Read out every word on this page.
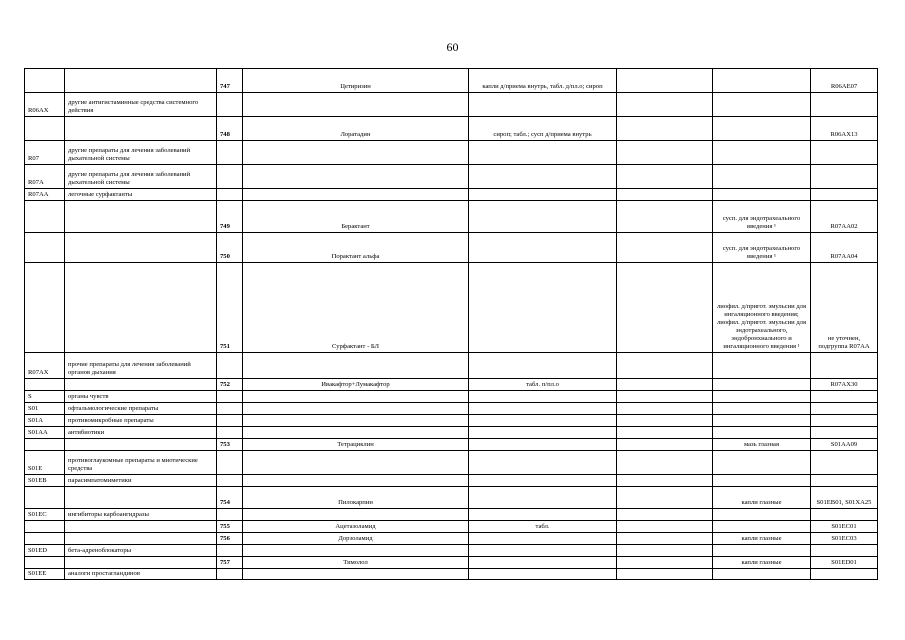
60
		747	Цетиризин	капли д/приема внутрь, табл. д/пл.о; сироп			R06AE07
R06AX	другие антигистаминные средства системного действия						
		748	Лоратадин	сироп; табл.; сусп д/приема внутрь			R06AX13
R07	другие препараты для лечения заболеваний дыхательной системы						
R07A	другие препараты для лечения заболеваний дыхательной системы						
R07AA	легочные сурфактанты						
		749	Берактант			сусп. для эндотрахеального введения ¹	R07AA02
		750	Порактант альфа			сусп. для эндотрахеального введения ¹	R07AA04
		751	Сурфактант - БЛ			лиофил. д/пригот. эмульсии для ингаляционного введения; лиофил. д/пригот. эмульсии для эндотрахеального, эндобронхиального и ингаляционного введения ¹	не уточнен, подгруппа R07AA
R07AX	прочие препараты для лечения заболеваний органов дыхания						
		752	Ивакафтор+Лумакафтор	табл. п/пл.о			R07AX30
S	органы чувств						
S01	офтальмологические препараты						
S01A	противомикробные препараты						
S01AA	антибиотики						
		753	Тетрациклин			мазь глазная	S01AA09
S01E	противоглаукомные препараты и миотические средства						
S01EB	парасимпатомиметики						
		754	Пилокарпин			капли глазные	S01EB01, S01XA25
S01EC	ингибиторы карбоангидразы						
		755	Ацетазоламид	табл.			S01EC01
		756	Дорзоламид			капли глазные	S01EC03
S01ED	бета-адреноблокаторы						
		757	Тимолол			капли глазные	S01ED01
S01EE	аналоги простагландинов						
